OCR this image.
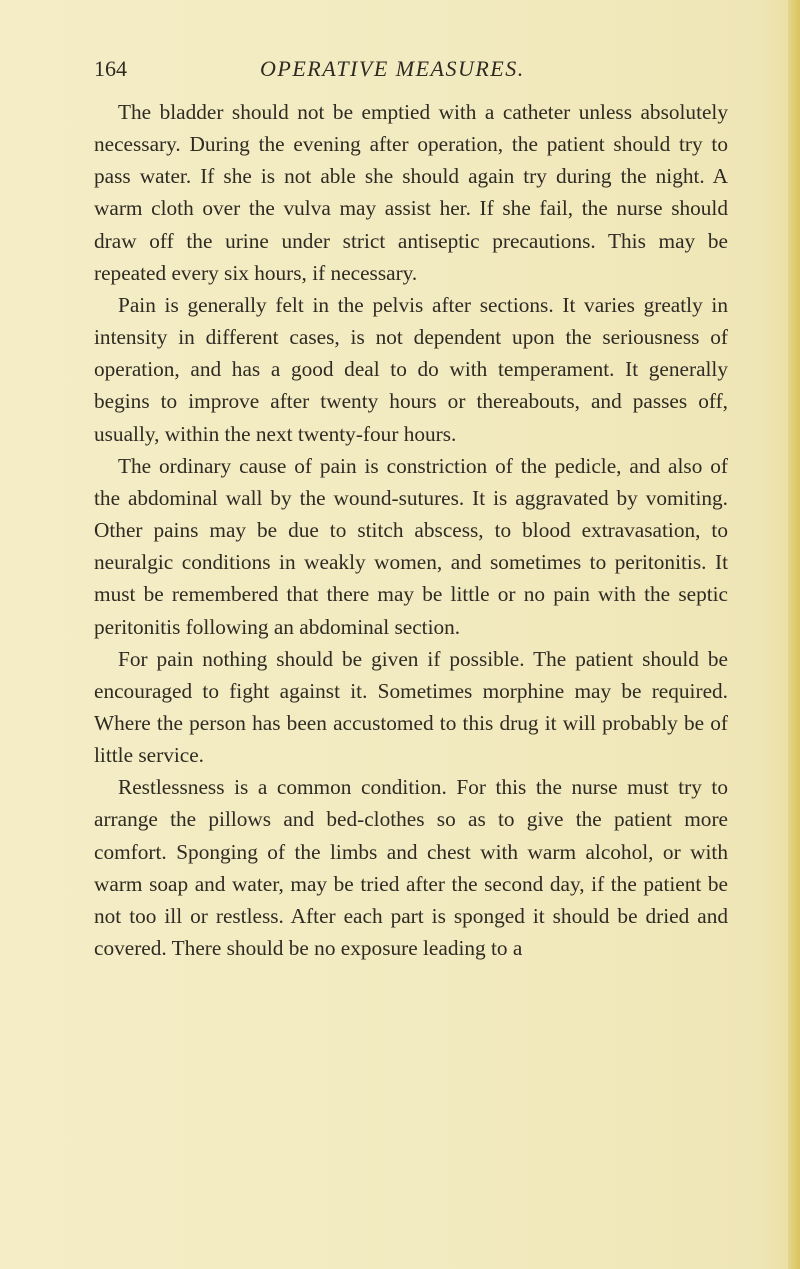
164	OPERATIVE MEASURES.

The bladder should not be emptied with a catheter unless absolutely necessary. During the evening after operation, the patient should try to pass water. If she is not able she should again try during the night. A warm cloth over the vulva may assist her. If she fail, the nurse should draw off the urine under strict antiseptic precautions. This may be repeated every six hours, if necessary.

Pain is generally felt in the pelvis after sections. It varies greatly in intensity in different cases, is not dependent upon the seriousness of operation, and has a good deal to do with temperament. It generally begins to improve after twenty hours or thereabouts, and passes off, usually, within the next twenty-four hours.

The ordinary cause of pain is constriction of the pedicle, and also of the abdominal wall by the wound-sutures. It is aggravated by vomiting. Other pains may be due to stitch abscess, to blood extravasation, to neuralgic conditions in weakly women, and sometimes to peritonitis. It must be remembered that there may be little or no pain with the septic peritonitis following an abdominal section.

For pain nothing should be given if possible. The patient should be encouraged to fight against it. Sometimes morphine may be required. Where the person has been accustomed to this drug it will probably be of little service.

Restlessness is a common condition. For this the nurse must try to arrange the pillows and bed-clothes so as to give the patient more comfort. Sponging of the limbs and chest with warm alcohol, or with warm soap and water, may be tried after the second day, if the patient be not too ill or restless. After each part is sponged it should be dried and covered. There should be no exposure leading to a
